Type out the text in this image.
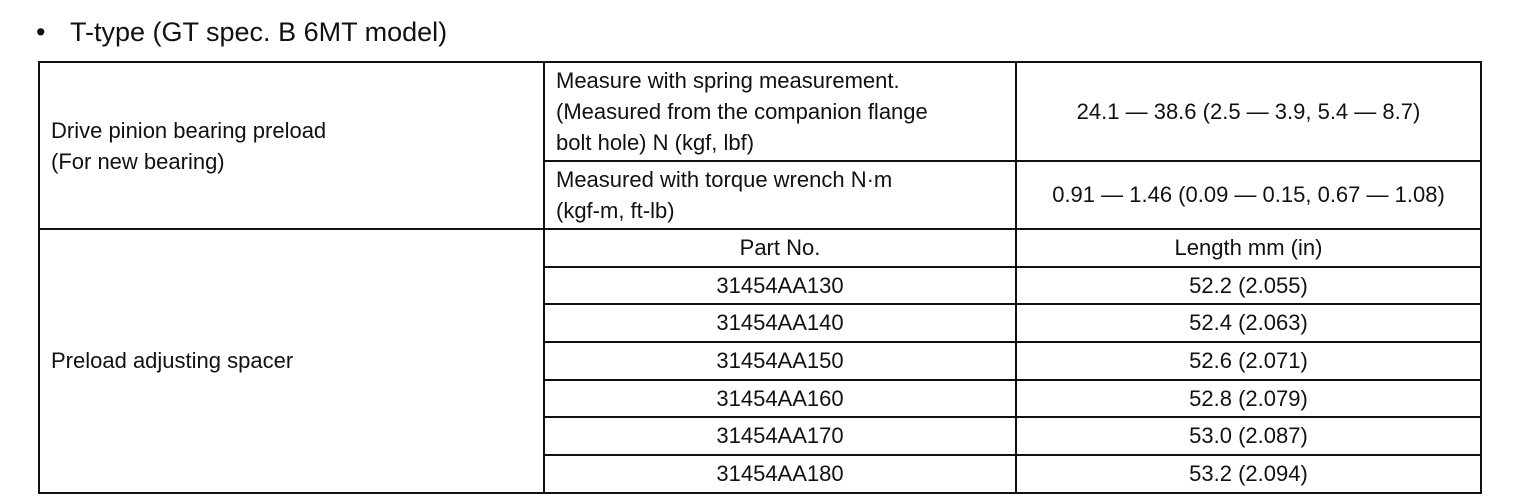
• T-type (GT spec. B 6MT model)
Drive pinion bearing preload
(For new bearing)	Measure with spring measurement.
(Measured from the companion flange
bolt hole) N (kgf, lbf)	24.1 — 38.6 (2.5 — 3.9, 5.4 — 8.7)

	Measured with torque wrench N·m
(kgf-m, ft-lb)	0.91 — 1.46 (0.09 — 0.15, 0.67 — 1.08)
Preload adjusting spacer	Part No.	Length mm (in)
	31454AA130	52.2 (2.055)
	31454AA140	52.4 (2.063)
	31454AA150	52.6 (2.071)
	31454AA160	52.8 (2.079)
	31454AA170	53.0 (2.087)
	31454AA180	53.2 (2.094)
